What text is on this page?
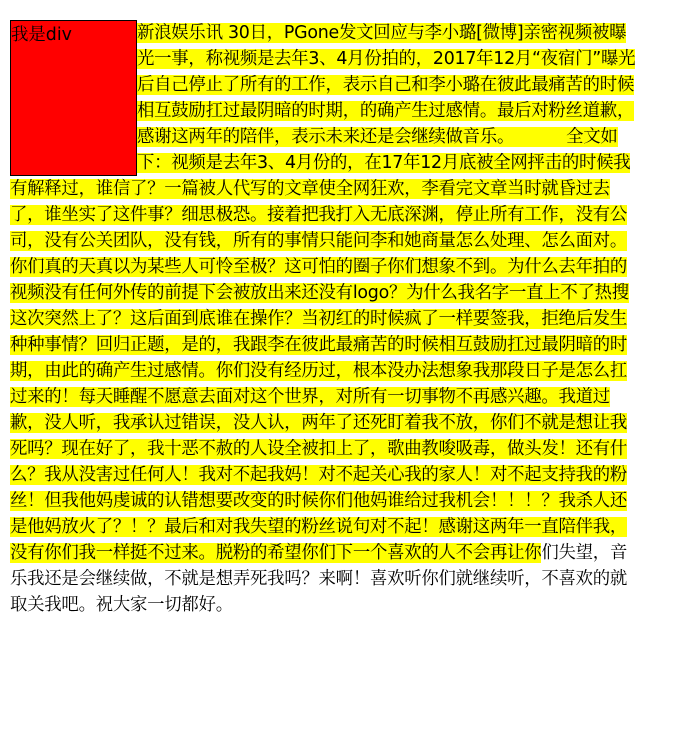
我是div	新浪娱乐讯 30日，PGone发文回应与李小璐[微博]亲密视频被曝光一事，称视频是去年3、4月份拍的，2017年12月“夜宿门”曝光后自己停止了所有的工作，表示自己和李小璐在彼此最痛苦的时候相互鼓励扛过最阴暗的时期，的确产生过感情。最后对粉丝道歉，感谢这两年的陪伴，表示未来还是会继续做音乐。	全文如下：视频是去年3、4月份的，在17年12月底被全网抨击的时候我有解释过，谁信了？一篇被人代写的文章使全网狂欢，李看完文章当时就昏过去了，谁坐实了这件事？细思极恐。接着把我打入无底深渊，停止所有工作，没有公司，没有公关团队，没有钱，所有的事情只能问李和她商量怎么处理、怎么面对。你们真的天真以为某些人可怜至极？这可怕的圈子你们想象不到。为什么去年拍的视频没有任何外传的前提下会被放出来还没有logo？为什么我名字一直上不了热搜这次突然上了？这后面到底谁在操作？当初红的时候疯了一样要签我，拒绝后发生种种事情？回归正题，是的，我跟李在彼此最痛苦的时候相互鼓励扛过最阴暗的时期，由此的确产生过感情。你们没有经历过，根本没办法想象我那段日子是怎么扛过来的！每天睡醒不愿意去面对这个世界，对所有一切事物不再感兴趣。我道过歉，没人听，我承认过错误，没人认，两年了还死盯着我不放，你们不就是想让我死吗？现在好了，我十恶不赦的人设全被扣上了，歌曲教唆吸毒，做头发！还有什么？我从没害过任何人！我对不起我妈！对不起关心我的家人！对不起支持我的粉丝！但我他妈虔诚的认错想要改变的时候你们他妈谁给过我机会！！！？我杀人还是他妈放火了？！？最后和对我失望的粉丝说句对不起！感谢这两年一直陪伴我，没有你们我一样挺不过来。脱粉的希望你们下一个喜欢的人不会再让你们失望，音乐我还是会继续做，不就是想弄死我吗？来啊！喜欢听你们就继续听，不喜欢的就取关我吧。祝大家一切都好。
